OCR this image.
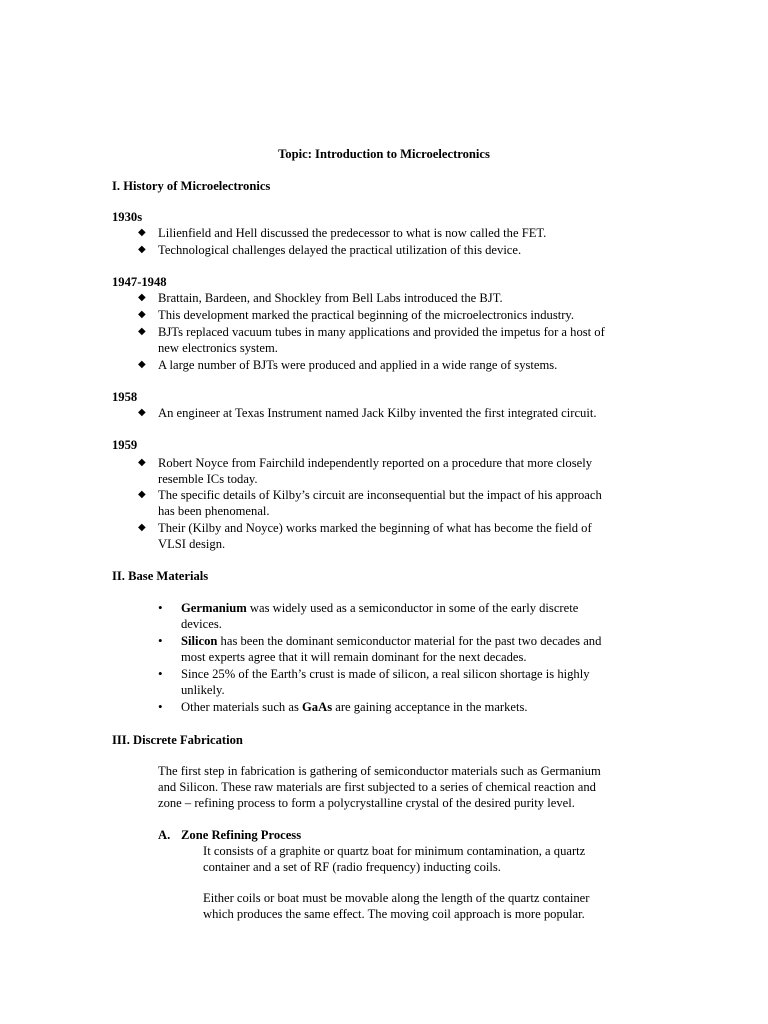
Topic: Introduction to Microelectronics
I. History of Microelectronics
1930s
◆ Lilienfield and Hell discussed the predecessor to what is now called the FET.
◆ Technological challenges delayed the practical utilization of this device.
1947-1948
◆ Brattain, Bardeen, and Shockley from Bell Labs introduced the BJT.
◆ This development marked the practical beginning of the microelectronics industry.
◆ BJTs replaced vacuum tubes in many applications and provided the impetus for a host of
new electronics system.
◆ A large number of BJTs were produced and applied in a wide range of systems.
1958
◆ An engineer at Texas Instrument named Jack Kilby invented the first integrated circuit.
1959
◆ Robert Noyce from Fairchild independently reported on a procedure that more closely
resemble ICs today.
◆ The specific details of Kilby’s circuit are inconsequential but the impact of his approach
has been phenomenal.
◆ Their (Kilby and Noyce) works marked the beginning of what has become the field of
VLSI design.
II. Base Materials
• Germanium was widely used as a semiconductor in some of the early discrete
devices.
• Silicon has been the dominant semiconductor material for the past two decades and
most experts agree that it will remain dominant for the next decades.
• Since 25% of the Earth’s crust is made of silicon, a real silicon shortage is highly
unlikely.
• Other materials such as GaAs are gaining acceptance in the markets.
III. Discrete Fabrication
The first step in fabrication is gathering of semiconductor materials such as Germanium
and Silicon. These raw materials are first subjected to a series of chemical reaction and
zone – refining process to form a polycrystalline crystal of the desired purity level.
A. Zone Refining Process
It consists of a graphite or quartz boat for minimum contamination, a quartz
container and a set of RF (radio frequency) inducting coils.
Either coils or boat must be movable along the length of the quartz container
which produces the same effect. The moving coil approach is more popular.
